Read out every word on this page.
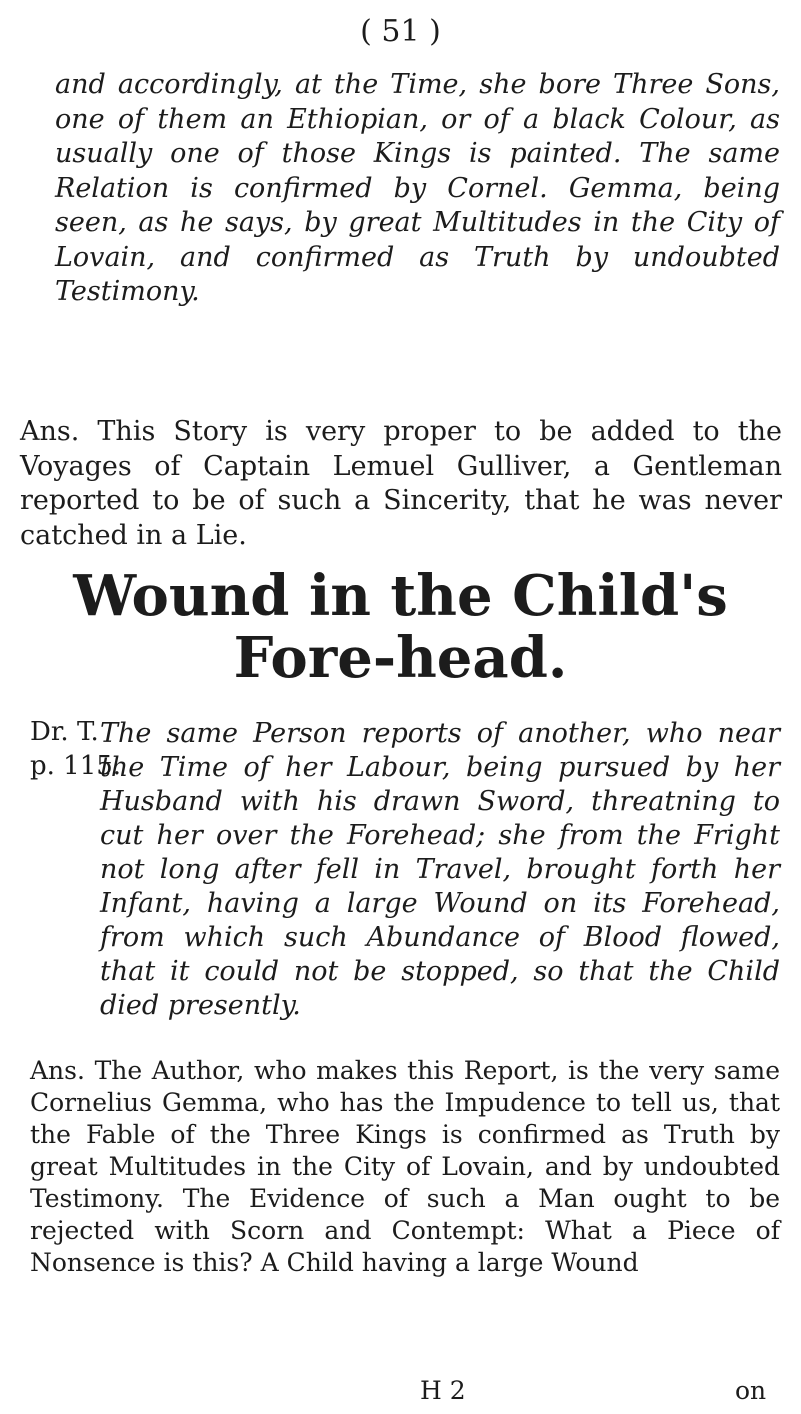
( 51 )
and accordingly, at the Time, she bore Three Sons, one of them an Ethiopian, or of a black Colour, as usually one of those Kings is painted. The same Relation is confirmed by Cornel. Gemma, being seen, as he says, by great Multitudes in the City of Lovain, and confirmed as Truth by undoubted Testimony.
Ans. This Story is very proper to be added to the Voyages of Captain Lemuel Gulliver, a Gentleman reported to be of such a Sincerity, that he was never catched in a Lie.
Wound in the Child's Fore-head.
Dr. T.
p. 115.
The same Person reports of another, who near the Time of her Labour, being pursued by her Husband with his drawn Sword, threatning to cut her over the Forehead; she from the Fright not long after fell in Travel, brought forth her Infant, having a large Wound on its Forehead, from which such Abundance of Blood flowed, that it could not be stopped, so that the Child died presently.
Ans. The Author, who makes this Report, is the very same Cornelius Gemma, who has the Impudence to tell us, that the Fable of the Three Kings is confirmed as Truth by great Multitudes in the City of Lovain, and by undoubted Testimony. The Evidence of such a Man ought to be rejected with Scorn and Contempt: What a Piece of Nonsence is this? A Child having a large Wound
H 2	on
